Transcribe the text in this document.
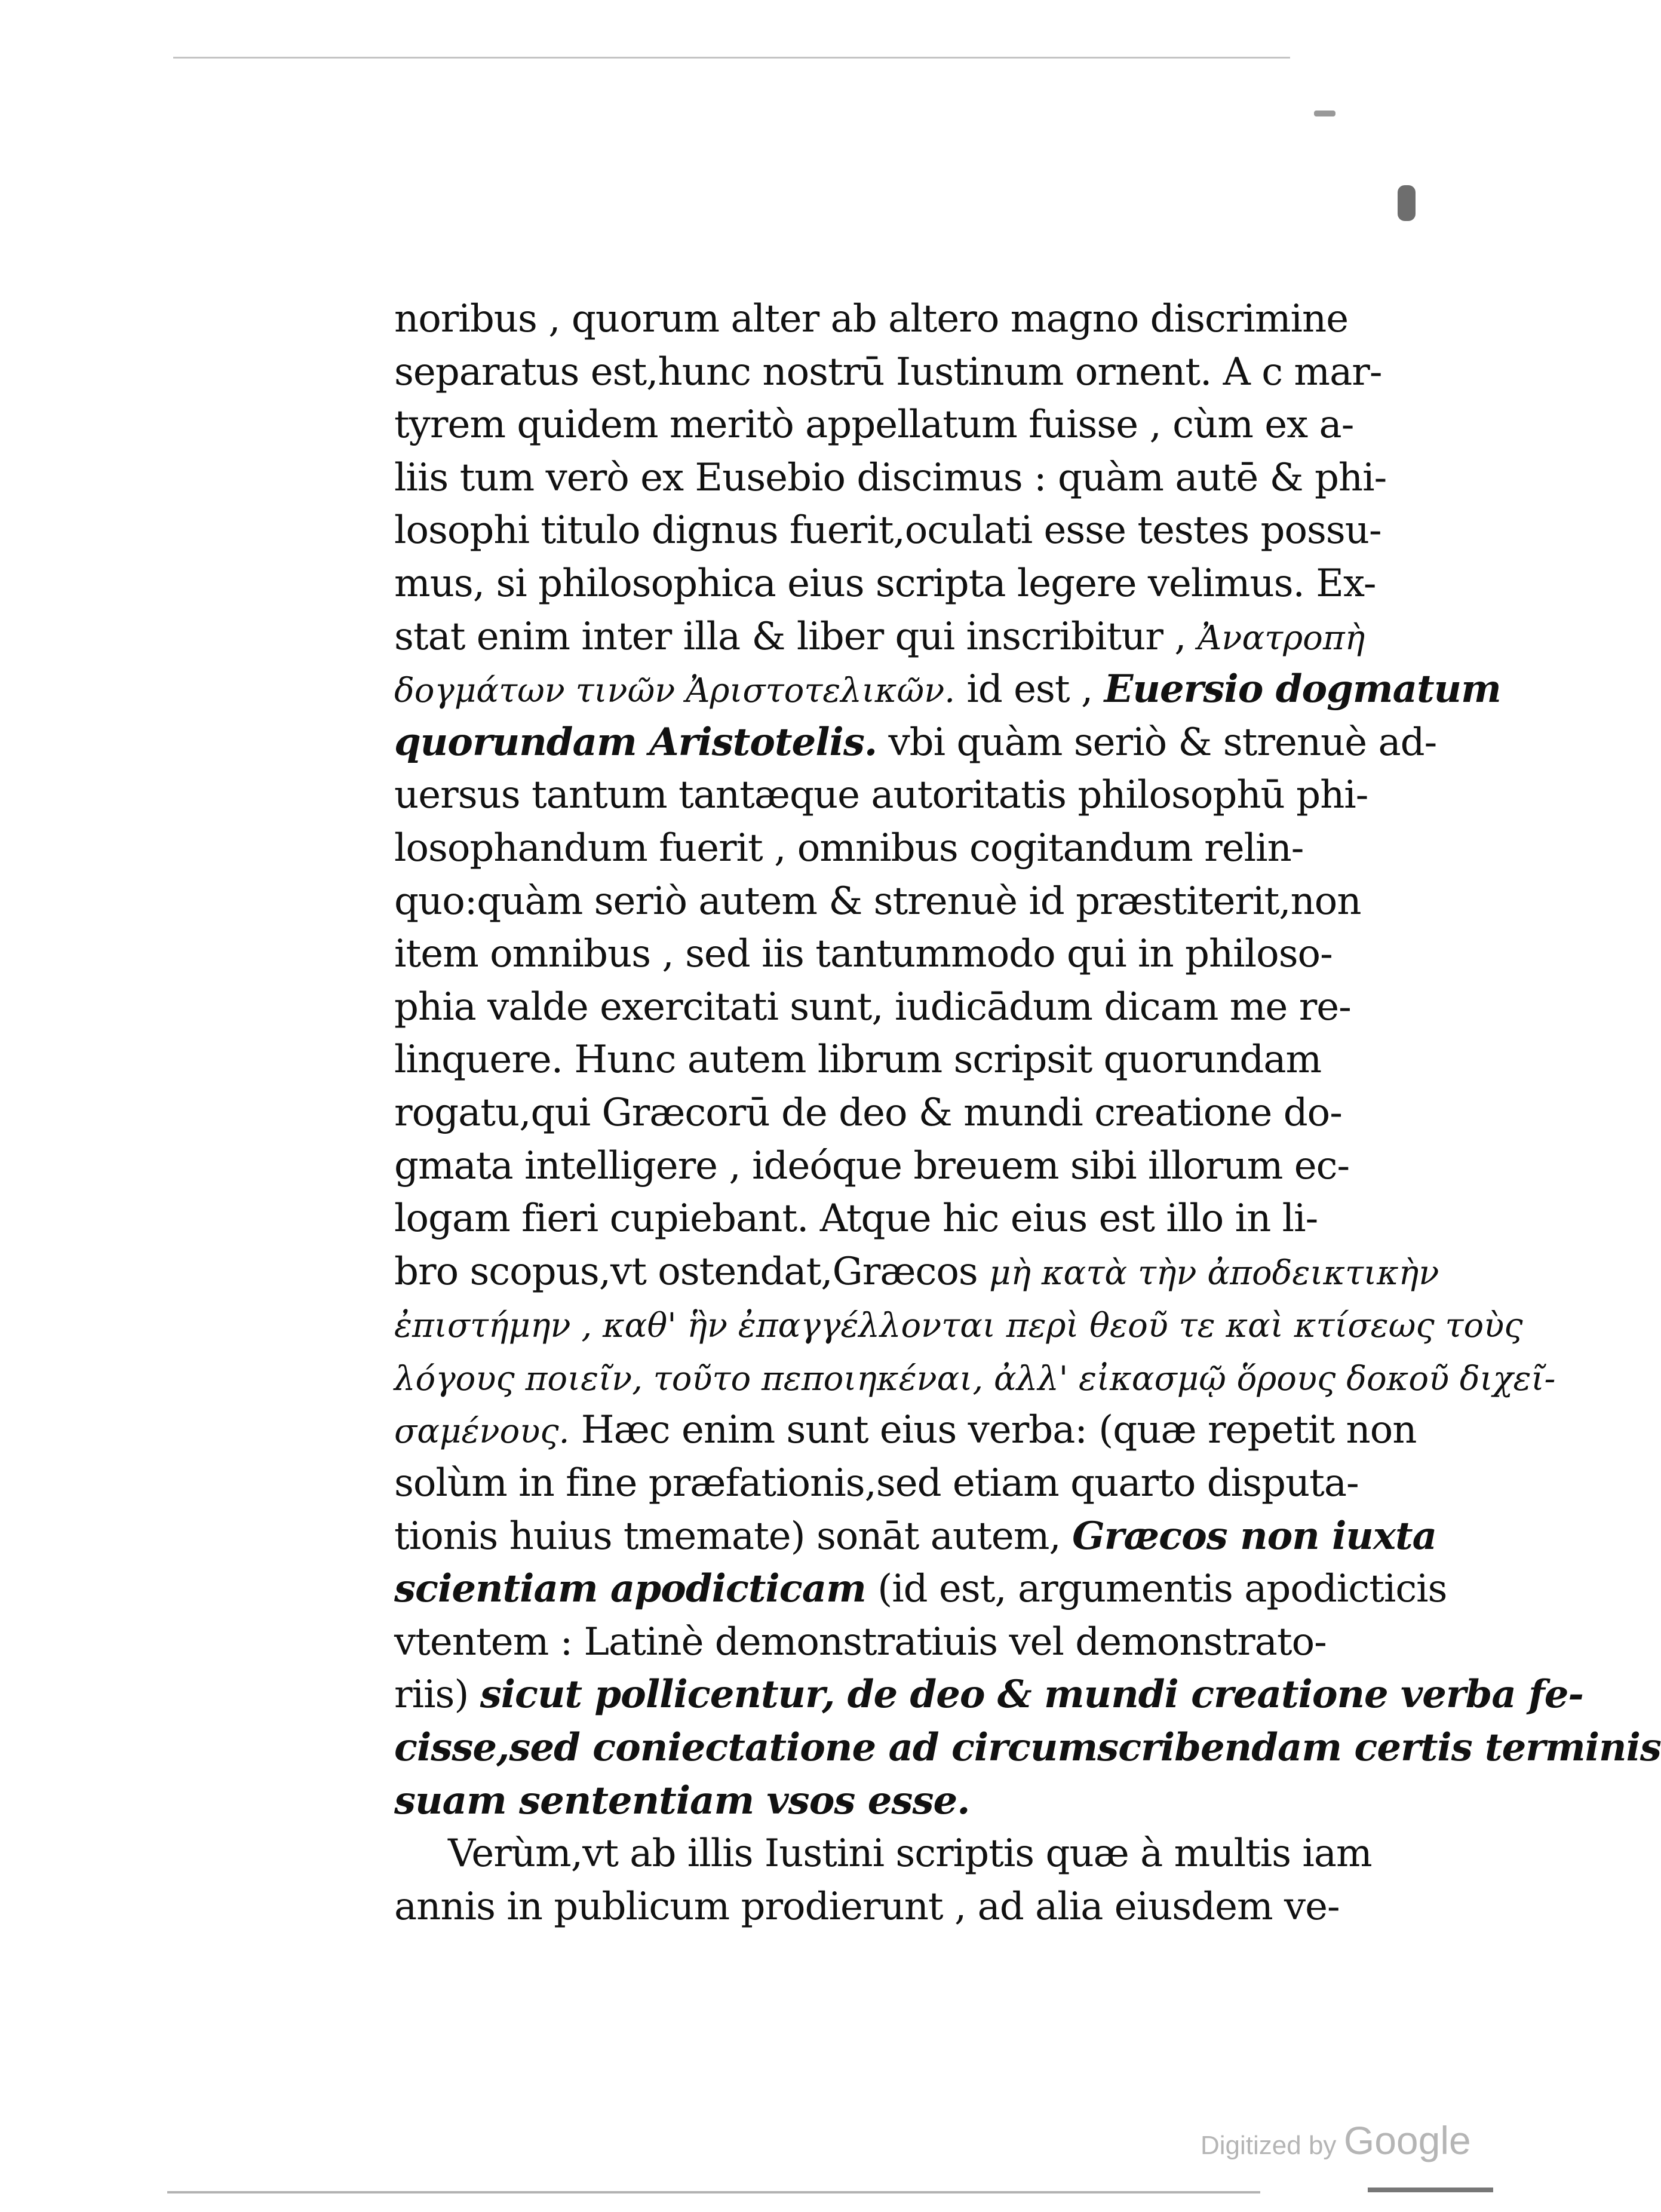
noribus , quorum alter ab altero magno discrimine
separatus est,hunc nostrū Iustinum ornent. A c mar-
tyrem quidem meritò appellatum fuisse , cùm ex a-
liis tum verò ex Eusebio discimus : quàm autē & phi-
losophi titulo dignus fuerit,oculati esse testes possu-
mus, si philosophica eius scripta legere velimus. Ex-
stat enim inter illa & liber qui inscribitur , Ἀνατροπὴ
δογμάτων τινῶν Ἀριστοτελικῶν. id est , Euersio dogmatum
quorundam Aristotelis. vbi quàm seriò & strenuè ad-
uersus tantum tantæque autoritatis philosophū phi-
losophandum fuerit , omnibus cogitandum relin-
quo:quàm seriò autem & strenuè id præstiterit,non
item omnibus , sed iis tantummodo qui in philoso-
phia valde exercitati sunt, iudicādum dicam me re-
linquere. Hunc autem librum scripsit quorundam
rogatu,qui Græcorū de deo & mundi creatione do-
gmata intelligere , ideóque breuem sibi illorum ec-
logam fieri cupiebant. Atque hic eius est illo in li-
bro scopus,vt ostendat,Græcos μὴ κατὰ τὴν ἀποδεικτικὴν
ἐπιστήμην , καθ' ἣν ἐπαγγέλλονται περὶ θεοῦ τε καὶ κτίσεως τοὺς
λόγους ποιεῖν, τοῦτο πεποιηκέναι, ἀλλ' εἰκασμῷ ὅρους δοκοῦ διχεῖ-
σαμένους. Hæc enim sunt eius verba: (quæ repetit non
solùm in fine præfationis,sed etiam quarto disputa-
tionis huius tmemate) sonāt autem, Græcos non iuxta
scientiam apodicticam (id est, argumentis apodicticis
vtentem : Latinè demonstratiuis vel demonstrato-
riis) sicut pollicentur, de deo & mundi creatione verba fe-
cisse,sed coniectatione ad circumscribendam certis terminis
suam sententiam vsos esse.
Verùm,vt ab illis Iustini scriptis quæ à multis iam
annis in publicum prodierunt , ad alia eiusdem ve-
Digitized by Google
